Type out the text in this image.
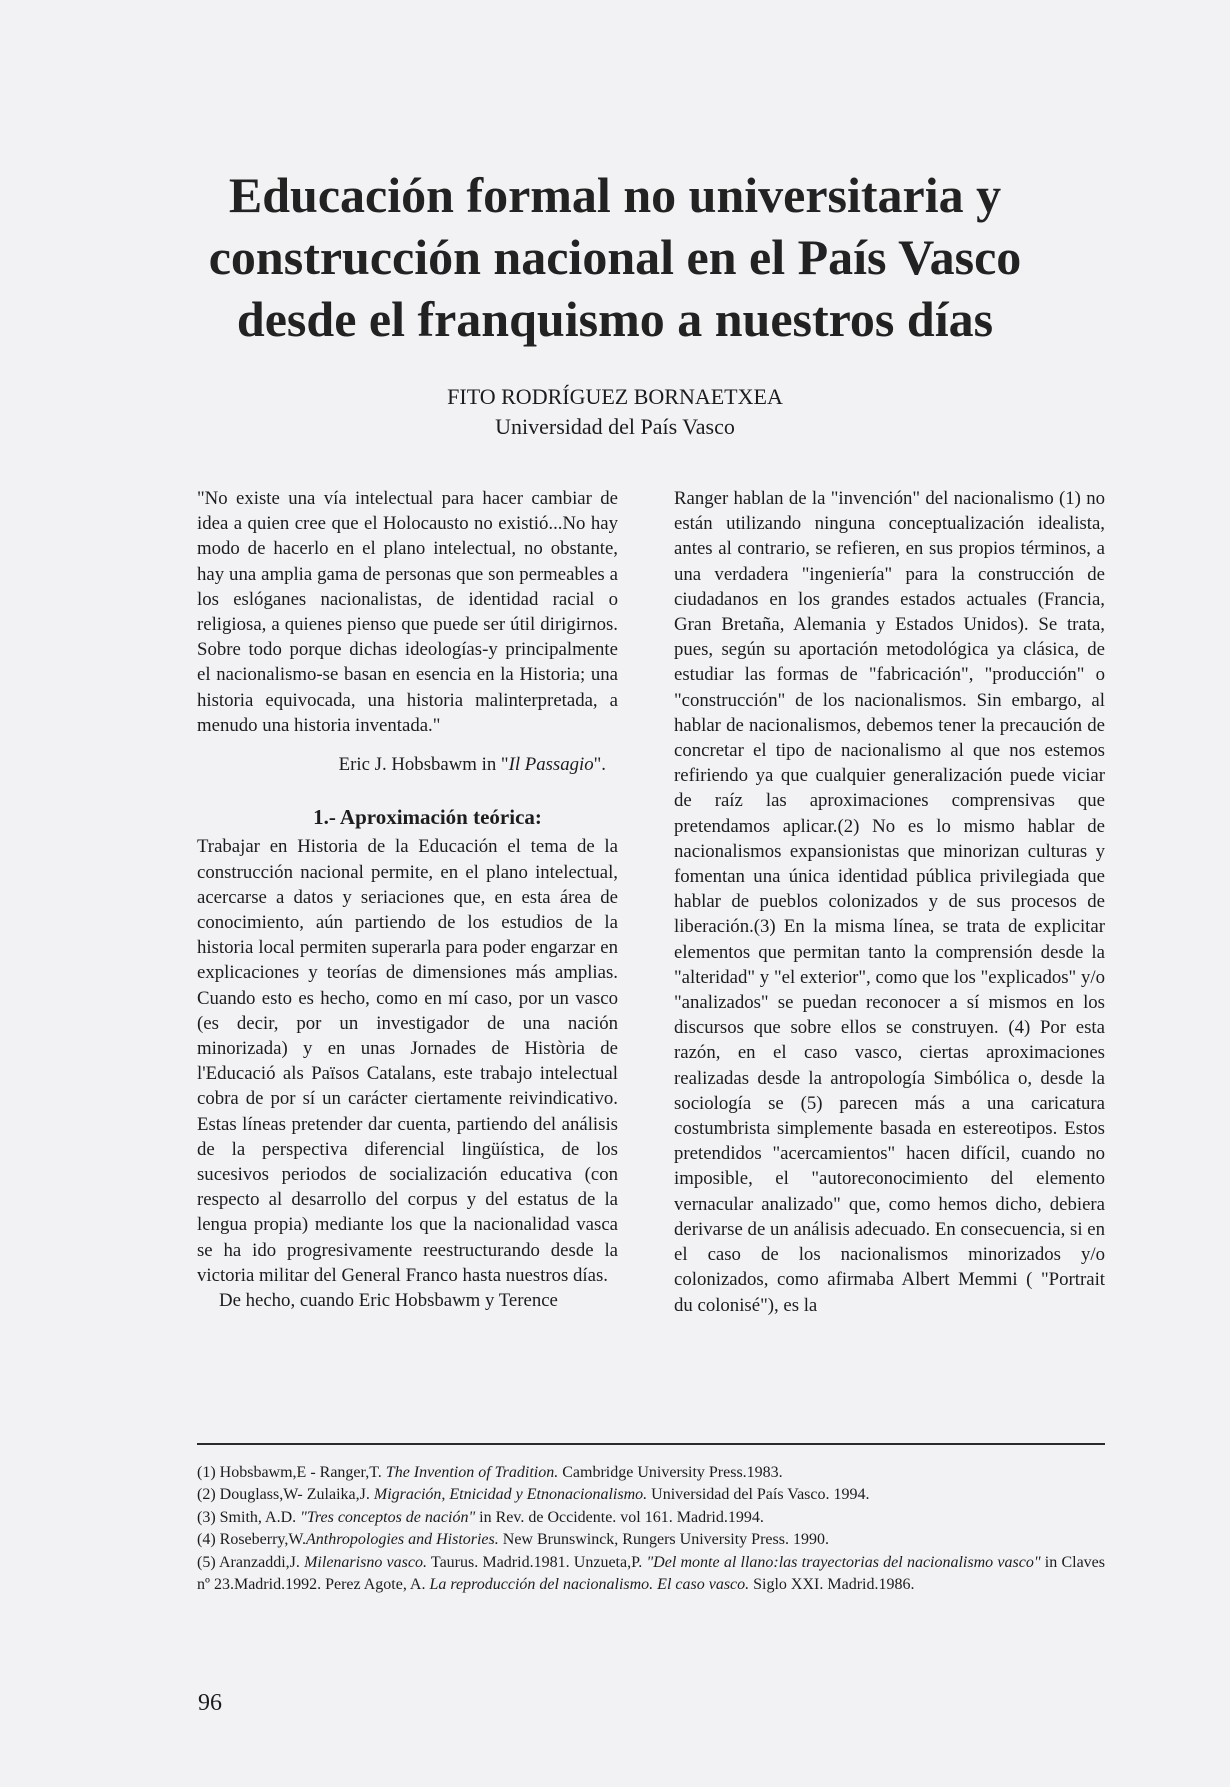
Educación formal no universitaria y
construcción nacional en el País Vasco
desde el franquismo a nuestros días
FITO RODRÍGUEZ BORNAETXEA
Universidad del País Vasco

"No existe una vía intelectual para hacer cambiar de idea a quien cree que el Holocausto no existió...No hay modo de hacerlo en el plano intelectual, no obstante, hay una amplia gama de personas que son permeables a los eslóganes nacionalistas, de identidad racial o religiosa, a quienes pienso que puede ser útil dirigirnos. Sobre todo porque dichas ideologías-y principalmente el nacionalismo-se basan en esencia en la Historia; una historia equivocada, una historia malinterpretada, a menudo una historia inventada."

Eric J. Hobsbawm in "Il Passagio".

1.- Aproximación teórica:

Trabajar en Historia de la Educación el tema de la construcción nacional permite, en el plano intelectual, acercarse a datos y seriaciones que, en esta área de conocimiento, aún partiendo de los estudios de la historia local permiten superarla para poder engarzar en explicaciones y teorías de dimensiones más amplias. Cuando esto es hecho, como en mí caso, por un vasco (es decir, por un investigador de una nación minorizada) y en unas Jornades de Història de l'Educació als Països Catalans, este trabajo intelectual cobra de por sí un carácter ciertamente reivindicativo. Estas líneas pretender dar cuenta, partiendo del análisis de la perspectiva diferencial lingüística, de los sucesivos periodos de socialización educativa (con respecto al desarrollo del corpus y del estatus de la lengua propia) mediante los que la nacionalidad vasca se ha ido progresivamente reestructurando desde la victoria militar del General Franco hasta nuestros días.

De hecho, cuando Eric Hobsbawm y Terence

Ranger hablan de la "invención" del nacionalismo (1) no están utilizando ninguna conceptualización idealista, antes al contrario, se refieren, en sus propios términos, a una verdadera "ingeniería" para la construcción de ciudadanos en los grandes estados actuales (Francia, Gran Bretaña, Alemania y Estados Unidos). Se trata, pues, según su aportación metodológica ya clásica, de estudiar las formas de "fabricación", "producción" o "construcción" de los nacionalismos. Sin embargo, al hablar de nacionalismos, debemos tener la precaución de concretar el tipo de nacionalismo al que nos estemos refiriendo ya que cualquier generalización puede viciar de raíz las aproximaciones comprensivas que pretendamos aplicar.(2) No es lo mismo hablar de nacionalismos expansionistas que minorizan culturas y fomentan una única identidad pública privilegiada que hablar de pueblos colonizados y de sus procesos de liberación.(3) En la misma línea, se trata de explicitar elementos que permitan tanto la comprensión desde la "alteridad" y "el exterior", como que los "explicados" y/o "analizados" se puedan reconocer a sí mismos en los discursos que sobre ellos se construyen. (4) Por esta razón, en el caso vasco, ciertas aproximaciones realizadas desde la antropología Simbólica o, desde la sociología se (5) parecen más a una caricatura costumbrista simplemente basada en estereotipos. Estos pretendidos "acercamientos" hacen difícil, cuando no imposible, el "autoreconocimiento del elemento vernacular analizado" que, como hemos dicho, debiera derivarse de un análisis adecuado. En consecuencia, si en el caso de los nacionalismos minorizados y/o colonizados, como afirmaba Albert Memmi ( "Portrait du colonisé"), es la

(1) Hobsbawm,E - Ranger,T. The Invention of Tradition. Cambridge University Press.1983.

(2) Douglass,W- Zulaika,J. Migración, Etnicidad y Etnonacionalismo. Universidad del País Vasco. 1994.

(3) Smith, A.D. "Tres conceptos de nación" in Rev. de Occidente. vol 161. Madrid.1994.

(4) Roseberry,W.Anthropologies and Histories. New Brunswinck, Rungers University Press. 1990.

(5) Aranzaddi,J. Milenarisno vasco. Taurus. Madrid.1981. Unzueta,P. "Del monte al llano:las trayectorias del nacionalismo vasco" in Claves nº 23.Madrid.1992. Perez Agote, A. La reproducción del nacionalismo. El caso vasco. Siglo XXI. Madrid.1986.

96
